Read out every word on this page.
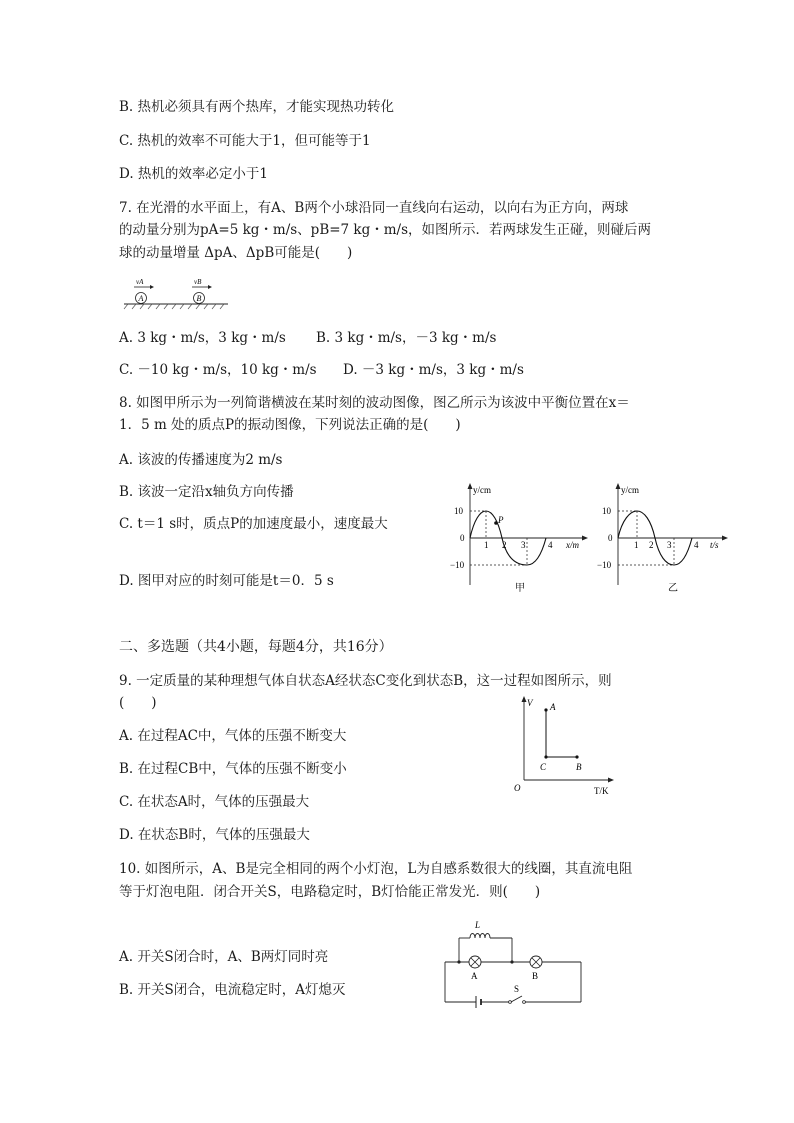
B. 热机必须具有两个热库，才能实现热功转化
C. 热机的效率不可能大于1，但可能等于1
D. 热机的效率必定小于1
7. 在光滑的水平面上，有A、B两个小球沿同一直线向右运动，以向右为正方向，两球
的动量分别为pA=5 kg・m/s、pB=7 kg・m/s，如图所示．若两球发生正碰，则碰后两
球的动量增量 ΔpA、ΔpB可能是(　　)
A	B
vA	vB
A. 3 kg・m/s，3 kg・m/s B. 3 kg・m/s，－3 kg・m/s
C. －10 kg・m/s，10 kg・m/s D. －3 kg・m/s，3 kg・m/s
8. 如图甲所示为一列简谐横波在某时刻的波动图像，图乙所示为该波中平衡位置在x＝
1．5 m 处的质点P的振动图像，下列说法正确的是(　　)
A. 该波的传播速度为2 m/s
B. 该波一定沿x轴负方向传播
C. t＝1 s时，质点P的加速度最小，速度最大
D. 图甲对应的时刻可能是t＝0．5 s
y/cm
x/m
10
0
−10
1 2 3	4
P
甲
y/cm
t/s
10
0
−10
1 2 3	4
乙
二、多选题（共4小题，每题4分，共16分）
9. 一定质量的某种理想气体自状态A经状态C变化到状态B，这一过程如图所示，则
(　　)
A. 在过程AC中，气体的压强不断变大
B. 在过程CB中，气体的压强不断变小
C. 在状态A时，气体的压强最大
D. 在状态B时，气体的压强最大
V
T/K
O
A
C	B
10. 如图所示，A、B是完全相同的两个小灯泡，L为自感系数很大的线圈，其直流电阻
等于灯泡电阻．闭合开关S，电路稳定时，B灯恰能正常发光．则(　　)
A. 开关S闭合时，A、B两灯同时亮
B. 开关S闭合，电流稳定时，A灯熄灭
L
A	B
S
